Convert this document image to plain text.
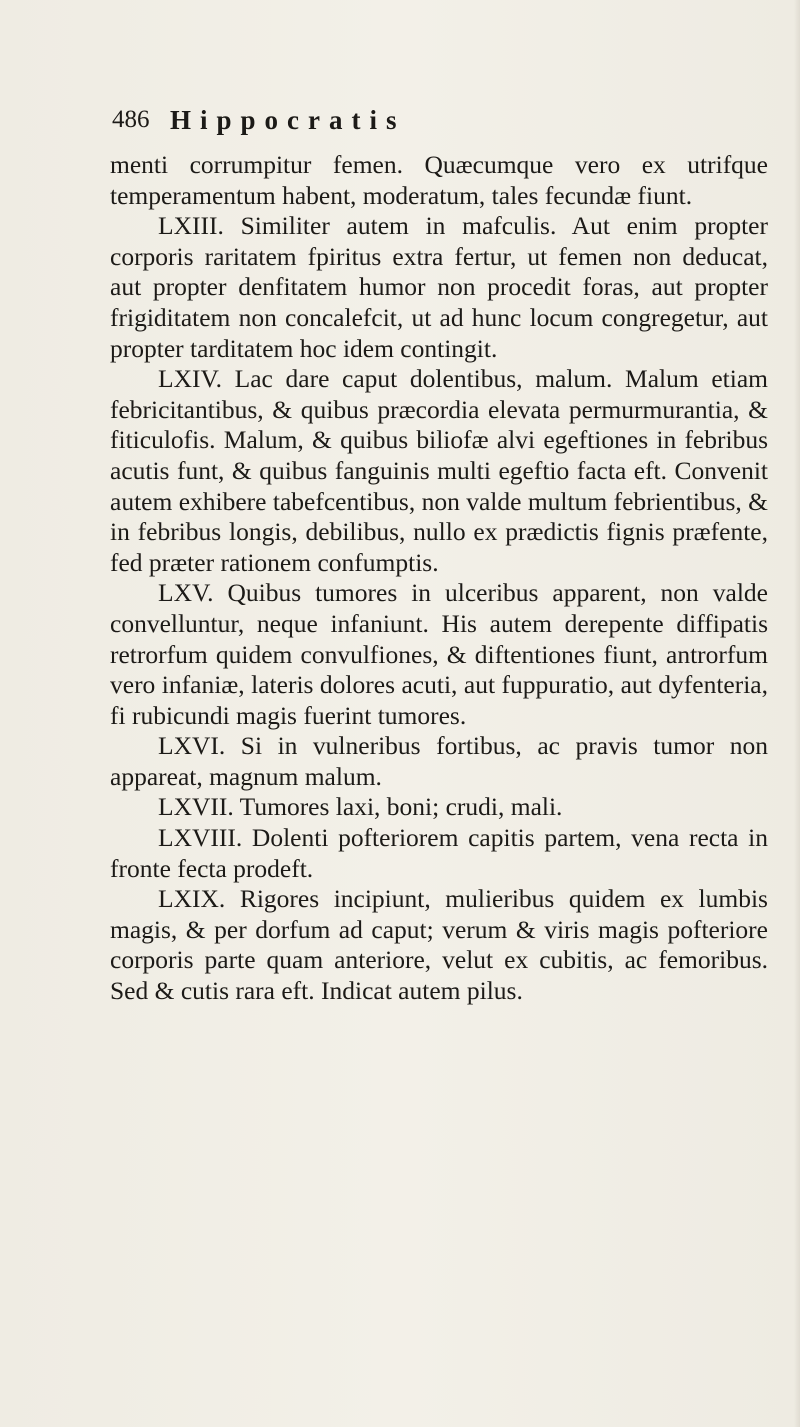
486 Hippocratis

menti corrumpitur femen. Quæcumque vero ex utrifque temperamentum habent, moderatum, tales fecundæ fiunt.

LXIII. Similiter autem in mafculis. Aut enim propter corporis raritatem fpiritus extra fertur, ut femen non deducat, aut propter denfitatem humor non procedit foras, aut propter frigiditatem non concalefcit, ut ad hunc locum congregetur, aut propter tarditatem hoc idem contingit.

LXIV. Lac dare caput dolentibus, malum. Malum etiam febricitantibus, & quibus præcordia elevata permurmurantia, & fiticulofis. Malum, & quibus biliofæ alvi egeftiones in febribus acutis funt, & quibus fanguinis multi egeftio facta eft. Convenit autem exhibere tabefcentibus, non valde multum febrientibus, & in febribus longis, debilibus, nullo ex prædictis fignis præfente, fed præter rationem confumptis.

LXV. Quibus tumores in ulceribus apparent, non valde convelluntur, neque infaniunt. His autem derepente diffipatis retrorfum quidem convulfiones, & diftentiones fiunt, antrorfum vero infaniæ, lateris dolores acuti, aut fuppuratio, aut dyfenteria, fi rubicundi magis fuerint tumores.

LXVI. Si in vulneribus fortibus, ac pravis tumor non appareat, magnum malum.

LXVII. Tumores laxi, boni; crudi, mali.

LXVIII. Dolenti pofteriorem capitis partem, vena recta in fronte fecta prodeft.

LXIX. Rigores incipiunt, mulieribus quidem ex lumbis magis, & per dorfum ad caput; verum & viris magis pofteriore corporis parte quam anteriore, velut ex cubitis, ac femoribus. Sed & cutis rara eft. Indicat autem pilus.
